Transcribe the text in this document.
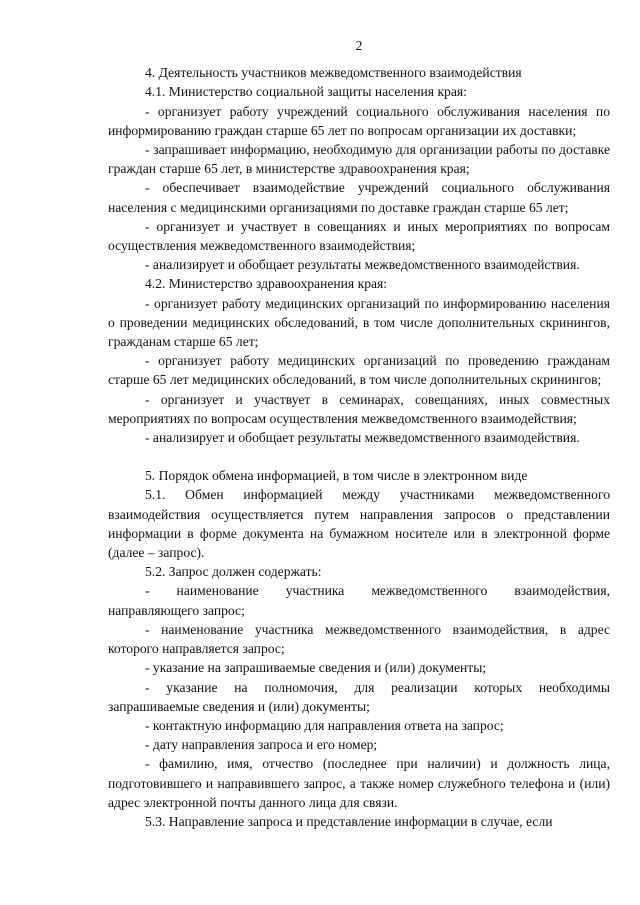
2

4. Деятельность участников межведомственного взаимодействия

4.1. Министерство социальной защиты населения края:

- организует работу учреждений социального обслуживания населения по информированию граждан старше 65 лет по вопросам организации их доставки;

- запрашивает информацию, необходимую для организации работы по доставке граждан старше 65 лет, в министерстве здравоохранения края;

- обеспечивает взаимодействие учреждений социального обслуживания населения с медицинскими организациями по доставке граждан старше 65 лет;

- организует и участвует в совещаниях и иных мероприятиях по вопросам осуществления межведомственного взаимодействия;

- анализирует и обобщает результаты межведомственного взаимодействия.

4.2. Министерство здравоохранения края:

- организует работу медицинских организаций по информированию населения о проведении медицинских обследований, в том числе дополнительных скринингов, гражданам старше 65 лет;

- организует работу медицинских организаций по проведению гражданам старше 65 лет медицинских обследований, в том числе дополнительных скринингов;

- организует и участвует в семинарах, совещаниях, иных совместных мероприятиях по вопросам осуществления межведомственного взаимодействия;

- анализирует и обобщает результаты межведомственного взаимодействия.

5. Порядок обмена информацией, в том числе в электронном виде

5.1. Обмен информацией между участниками межведомственного взаимодействия осуществляется путем направления запросов о представлении информации в форме документа на бумажном носителе или в электронной форме (далее – запрос).

5.2. Запрос должен содержать:

- наименование участника межведомственного взаимодействия, направляющего запрос;

- наименование участника межведомственного взаимодействия, в адрес которого направляется запрос;

- указание на запрашиваемые сведения и (или) документы;

- указание на полномочия, для реализации которых необходимы запрашиваемые сведения и (или) документы;

- контактную информацию для направления ответа на запрос;

- дату направления запроса и его номер;

- фамилию, имя, отчество (последнее при наличии) и должность лица, подготовившего и направившего запрос, а также номер служебного телефона и (или) адрес электронной почты данного лица для связи.

5.3. Направление запроса и представление информации в случае, если
